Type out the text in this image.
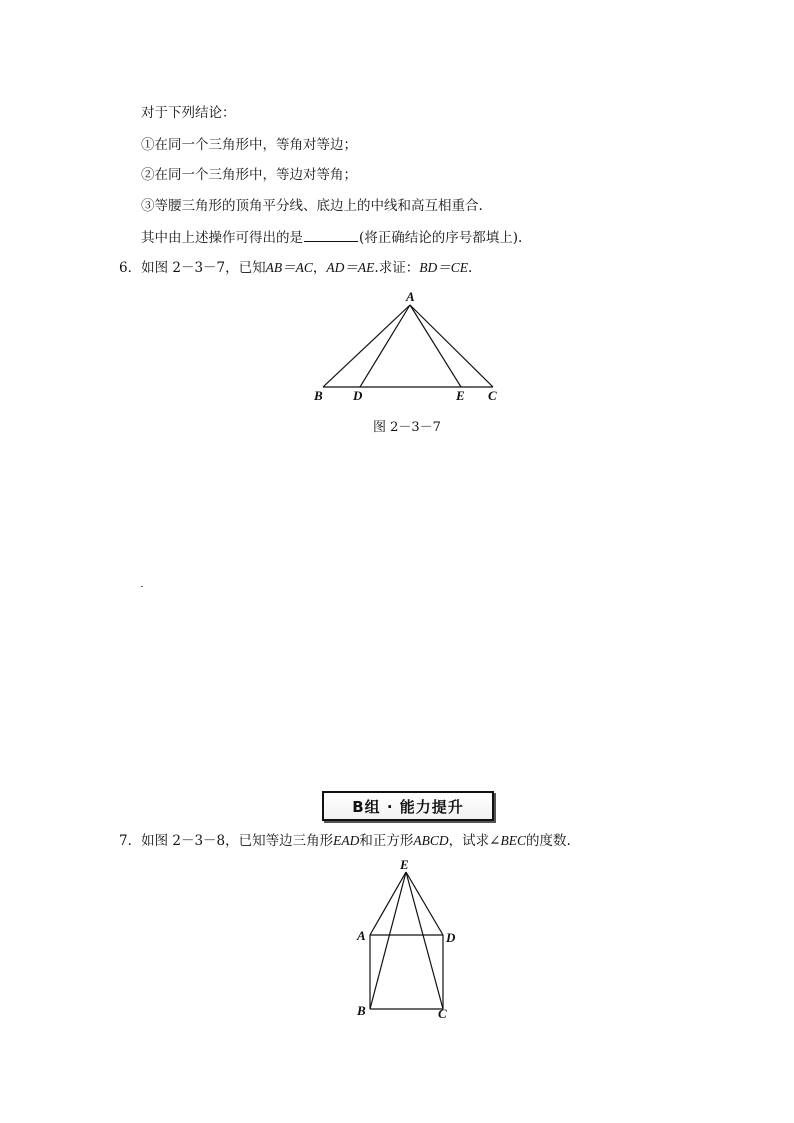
对于下列结论：
①在同一个三角形中，等角对等边；
②在同一个三角形中，等边对等角；
③等腰三角形的顶角平分线、底边上的中线和高互相重合.
其中由上述操作可得出的是	(将正确结论的序号都填上).
6．如图 2－3－7，已知AB＝AC，AD＝AE.求证：BD＝CE.
A
B D	E C
图 2－3－7
B组 · 能力提升
7．如图 2－3－8，已知等边三角形EAD和正方形ABCD，试求∠BEC的度数.
E
A	D
B	C
